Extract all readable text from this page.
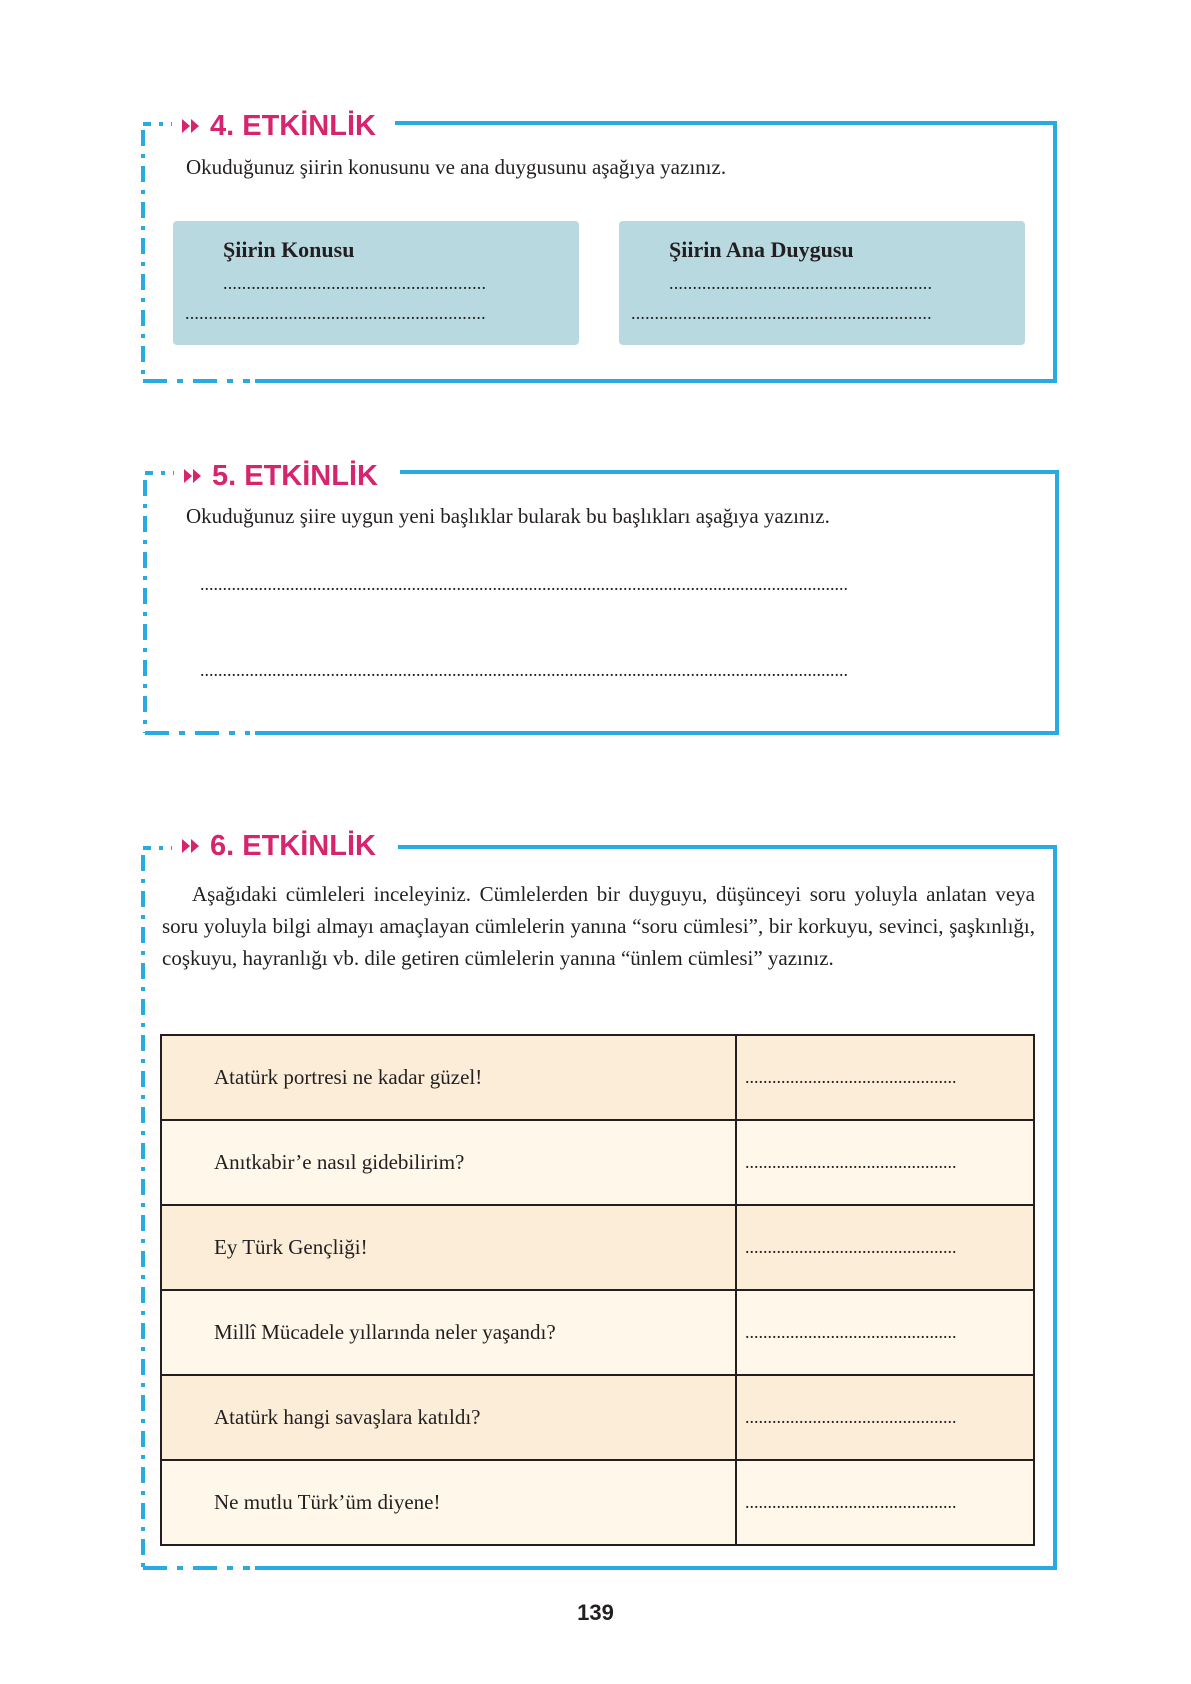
4. ETKİNLİK
Okuduğunuz şiirin konusunu ve ana duygusunu aşağıya yazınız.
Şiirin Konusu
........................................................
................................................................
Şiirin Ana Duygusu
........................................................
................................................................
5. ETKİNLİK
Okuduğunuz şiire uygun yeni başlıklar bularak bu başlıkları aşağıya yazınız.
................................................................................................................................................
................................................................................................................................................
6. ETKİNLİK
Aşağıdaki cümleleri inceleyiniz. Cümlelerden bir duyguyu, düşünceyi soru yoluyla anlatan veya soru yoluyla bilgi almayı amaçlayan cümlelerin yanına “soru cümlesi”, bir korkuyu, sevinci, şaşkınlığı, coşkuyu, hayranlığı vb. dile getiren cümlelerin yanına “ünlem cümlesi” yazınız.
Atatürk portresi ne kadar güzel!	...............................................
Anıtkabir’e nasıl gidebilirim?	...............................................
Ey Türk Gençliği!	...............................................
Millî Mücadele yıllarında neler yaşandı?	...............................................
Atatürk hangi savaşlara katıldı?	...............................................
Ne mutlu Türk’üm diyene!	...............................................
139
